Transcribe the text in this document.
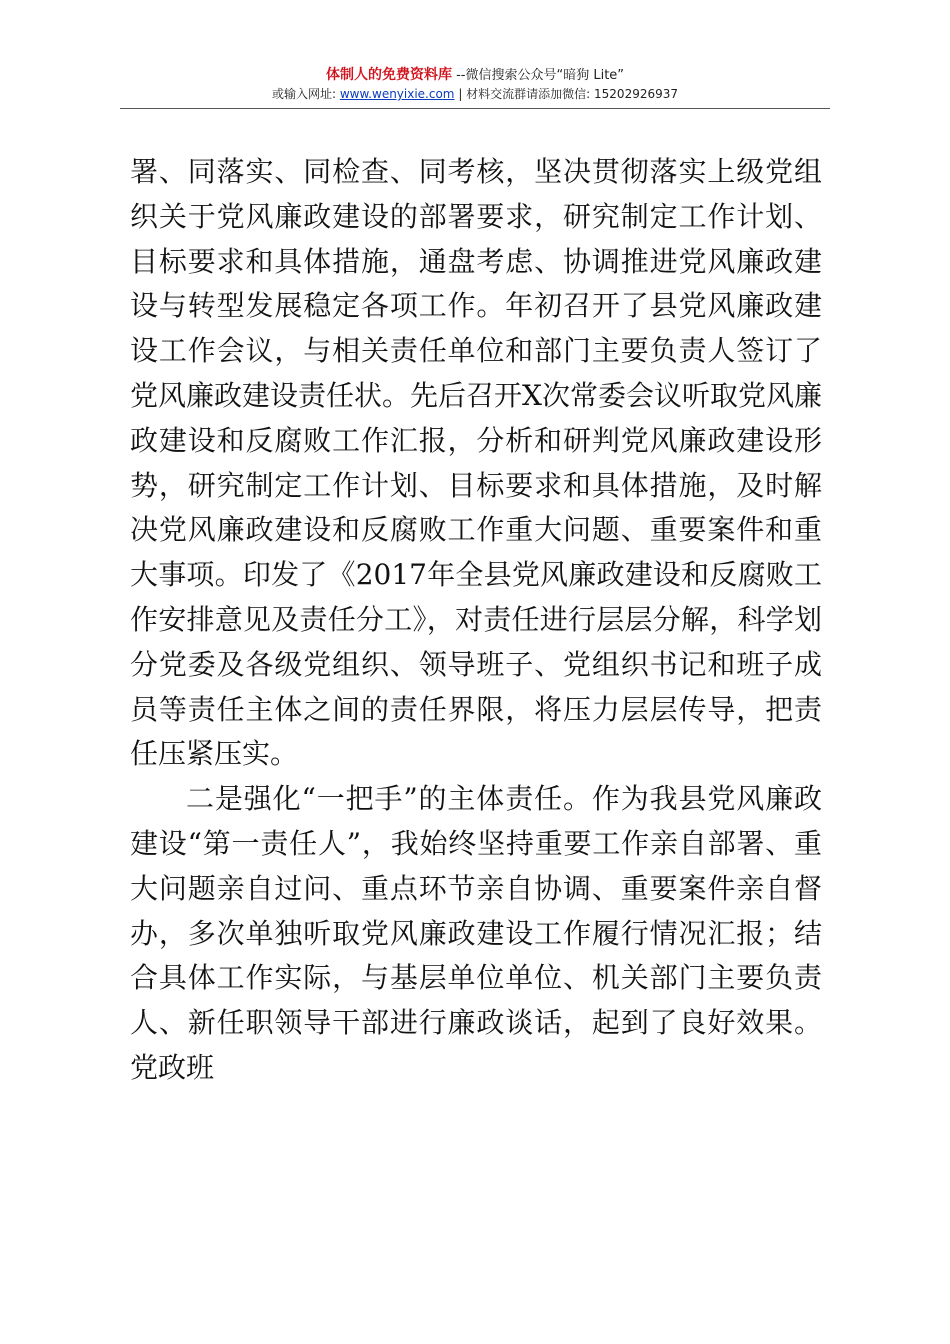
体制人的免费资料库 --微信搜索公众号“暗狗 Lite”
或输入网址: www.wenyixie.com | 材料交流群请添加微信: 15202926937

署、同落实、同检查、同考核，坚决贯彻落实上级党组织关于党风廉政建设的部署要求，研究制定工作计划、目标要求和具体措施，通盘考虑、协调推进党风廉政建设与转型发展稳定各项工作。年初召开了县党风廉政建设工作会议，与相关责任单位和部门主要负责人签订了党风廉政建设责任状。先后召开X次常委会议听取党风廉政建设和反腐败工作汇报，分析和研判党风廉政建设形势，研究制定工作计划、目标要求和具体措施，及时解决党风廉政建设和反腐败工作重大问题、重要案件和重大事项。印发了《2017年全县党风廉政建设和反腐败工作安排意见及责任分工》，对责任进行层层分解，科学划分党委及各级党组织、领导班子、党组织书记和班子成员等责任主体之间的责任界限，将压力层层传导，把责任压紧压实。

二是强化“一把手”的主体责任。作为我县党风廉政建设“第一责任人”，我始终坚持重要工作亲自部署、重大问题亲自过问、重点环节亲自协调、重要案件亲自督办，多次单独听取党风廉政建设工作履行情况汇报；结合具体工作实际，与基层单位单位、机关部门主要负责人、新任职领导干部进行廉政谈话，起到了良好效果。党政班
